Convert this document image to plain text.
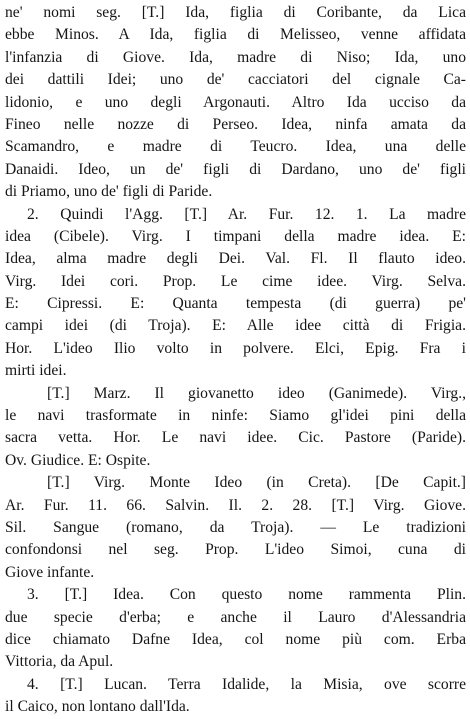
ne' nomi seg. [T.] Ida, figlia di Coribante, da Lica
ebbe Minos. A Ida, figlia di Melisseo, venne affidata
l'infanzia di Giove. Ida, madre di Niso; Ida, uno
dei dattili Idei; uno de' cacciatori del cignale Ca-
lidonio, e uno degli Argonauti. Altro Ida ucciso da
Fineo nelle nozze di Perseo. Idea, ninfa amata da
Scamandro, e madre di Teucro. Idea, una delle
Danaidi. Ideo, un de' figli di Dardano, uno de' figli
di Priamo, uno de' figli di Paride.
2. Quindi l'Agg. [T.] Ar. Fur. 12. 1. La madre
idea (Cibele). Virg. I timpani della madre idea. E:
Idea, alma madre degli Dei. Val. Fl. Il flauto ideo.
Virg. Idei cori. Prop. Le cime idee. Virg. Selva.
E: Cipressi. E: Quanta tempesta (di guerra) pe'
campi idei (di Troja). E: Alle idee città di Frigia.
Hor. L'ideo Ilio volto in polvere. Elci, Epig. Fra i
mirti idei.
[T.] Marz. Il giovanetto ideo (Ganimede). Virg.,
le navi trasformate in ninfe: Siamo gl'idei pini della
sacra vetta. Hor. Le navi idee. Cic. Pastore (Paride).
Ov. Giudice. E: Ospite.
[T.] Virg. Monte Ideo (in Creta). [De Capit.]
Ar. Fur. 11. 66. Salvin. Il. 2. 28. [T.] Virg. Giove.
Sil. Sangue (romano, da Troja). — Le tradizioni
confondonsi nel seg. Prop. L'ideo Simoi, cuna di
Giove infante.
3. [T.] Idea. Con questo nome rammenta Plin.
due specie d'erba; e anche il Lauro d'Alessandria
dice chiamato Dafne Idea, col nome più com. Erba
Vittoria, da Apul.
4. [T.] Lucan. Terra Idalide, la Misia, ove scorre
il Caico, non lontano dall'Ida.
